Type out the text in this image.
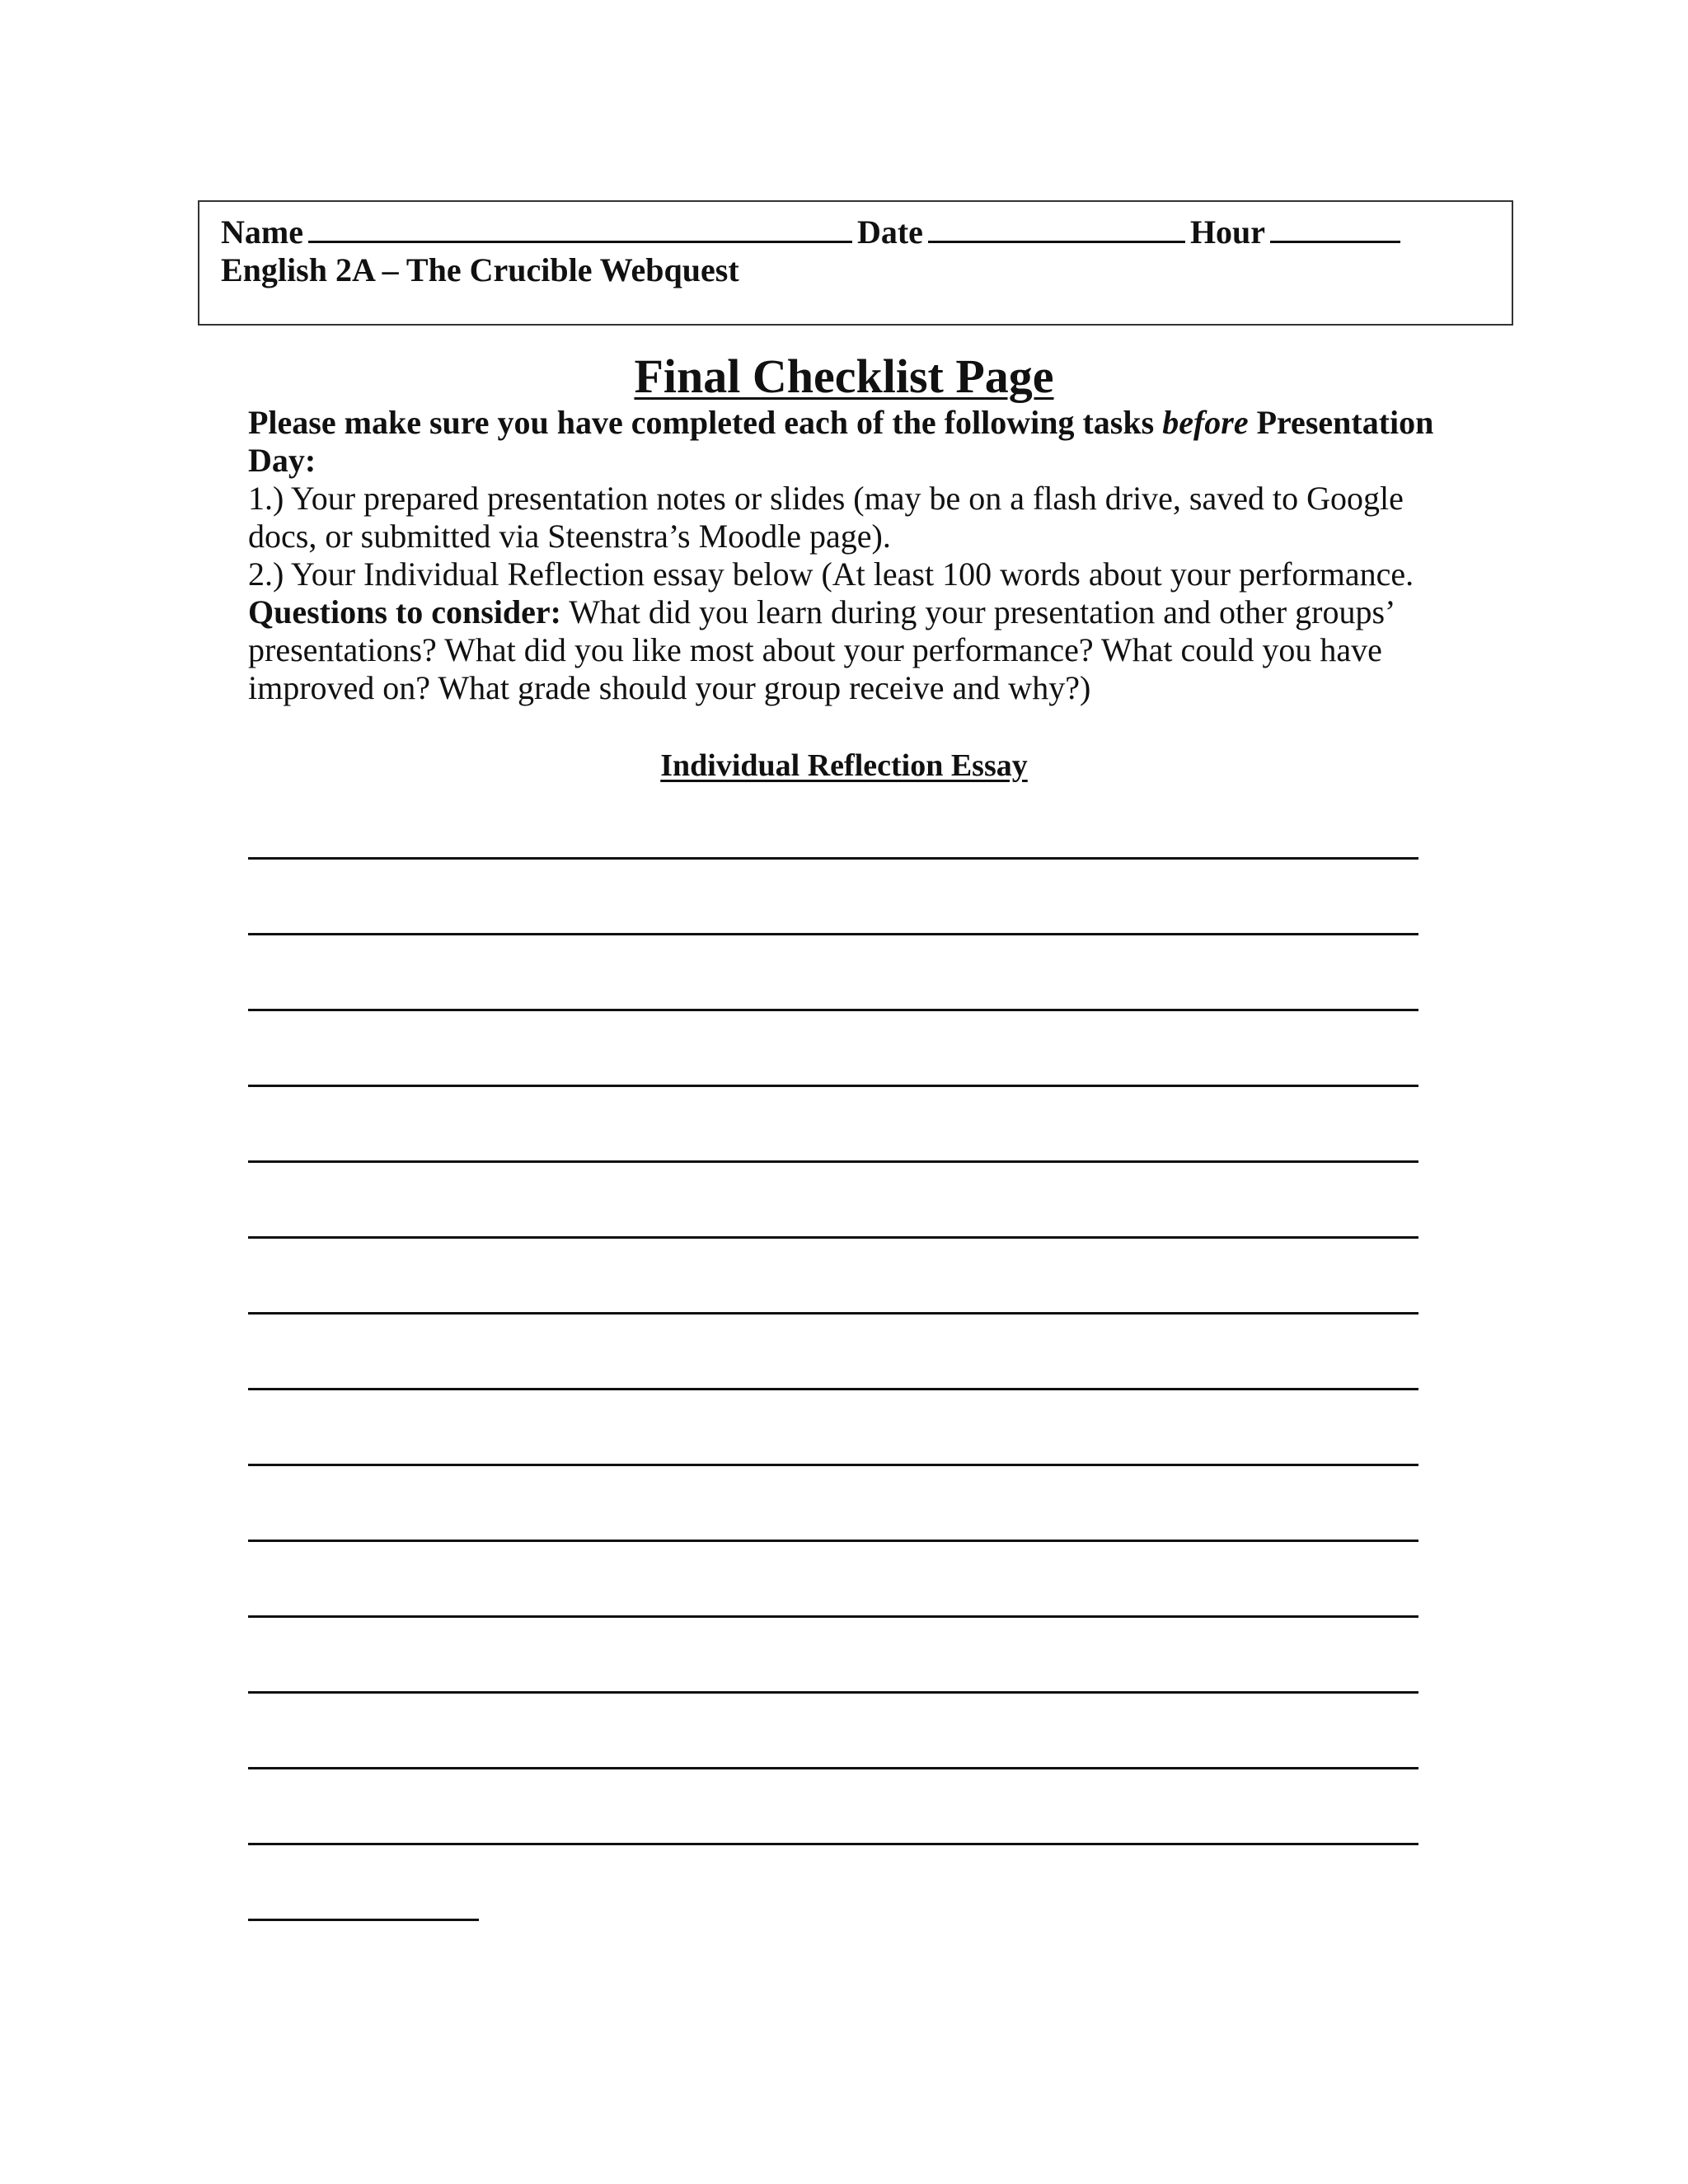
Name	Date	Hour
English 2A – The Crucible Webquest
Final Checklist Page

Please make sure you have completed each of the following tasks before Presentation Day:

1.) Your prepared presentation notes or slides (may be on a flash drive, saved to Google docs, or submitted via Steenstra’s Moodle page).

2.) Your Individual Reflection essay below (At least 100 words about your performance.
Questions to consider: What did you learn during your presentation and other groups’ presentations? What did you like most about your performance? What could you have improved on? What grade should your group receive and why?)

Individual Reflection Essay
